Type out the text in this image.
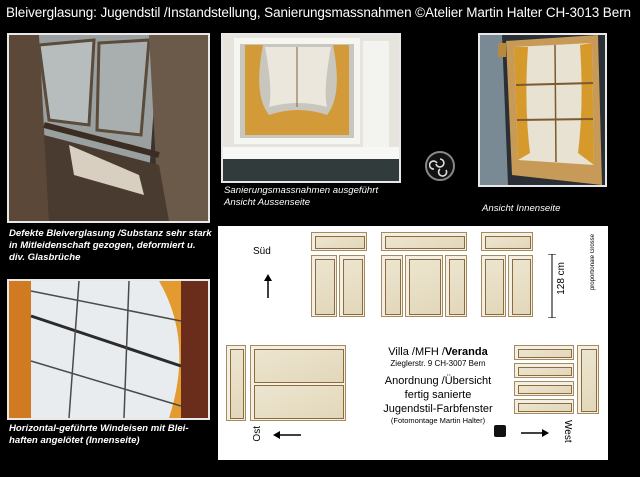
Bleiverglasung: Jugendstil /Instandstellung, Sanierungsmassnahmen ©Atelier Martin Halter CH-3013 Bern
Defekte Bleiverglasung /Substanz sehr stark in Mitleidenschaft gezogen, deformiert u. div. Glasbrüche
Sanierungsmassnahmen ausgeführt
Ansicht Aussenseite
Ansicht Innenseite
Horizontal-geführte Windeisen mit Blei-haften angelötet (Innenseite)
Süd
128 cm	proportionale Grösse
Ost
Villa /MFH /Veranda
Zieglerstr. 9 CH-3007 Bern
Anordnung /Übersicht
fertig sanierte
Jugendstil-Farbfenster
(Fotomontage Martin Halter)	West
